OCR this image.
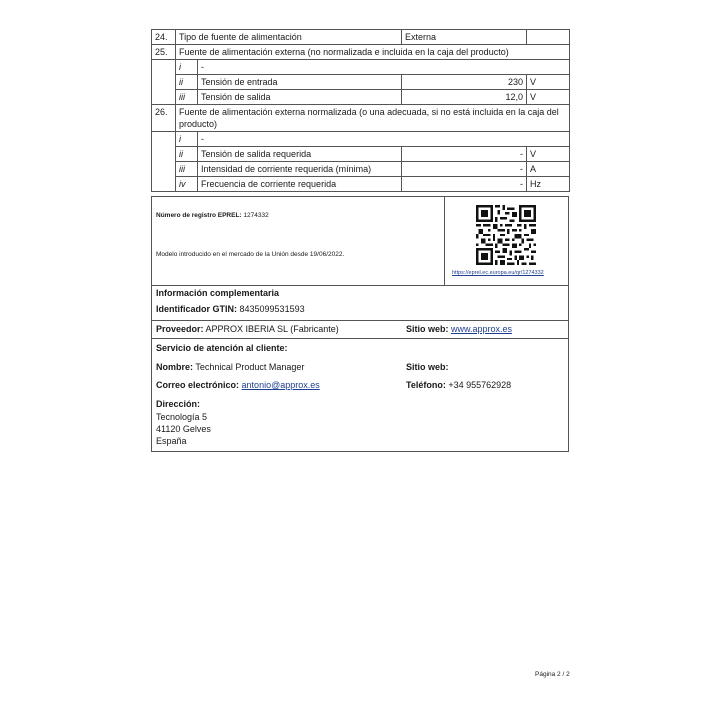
24.	Tipo de fuente de alimentación		Externa	
25.	Fuente de alimentación externa (no normalizada e incluida en la caja del producto)			
	i	-		
	ii	Tensión de entrada	230	V
	iii	Tensión de salida	12,0	V
26.	Fuente de alimentación externa normalizada (o una adecuada, si no está incluida en la caja del producto)			
	i	-		
	ii	Tensión de salida requerida	-	V
	iii	Intensidad de corriente requerida (mínima)	-	A
	iv	Frecuencia de corriente requerida	-	Hz
Número de registro EPREL: 1274332
Modelo introducido en el mercado de la Unión desde 19/06/2022.
https://eprel.ec.europa.eu/qr/1274332
Información complementaria
Identificador GTIN: 8435099531593
Proveedor: APPROX IBERIA SL (Fabricante)	Sitio web: www.approx.es
Servicio de atención al cliente:
Nombre: Technical Product Manager	Sitio web:
Correo electrónico: antonio@approx.es	Teléfono: +34 955762928
Dirección:
Tecnología 5
41120 Gelves
España
Página 2 / 2
